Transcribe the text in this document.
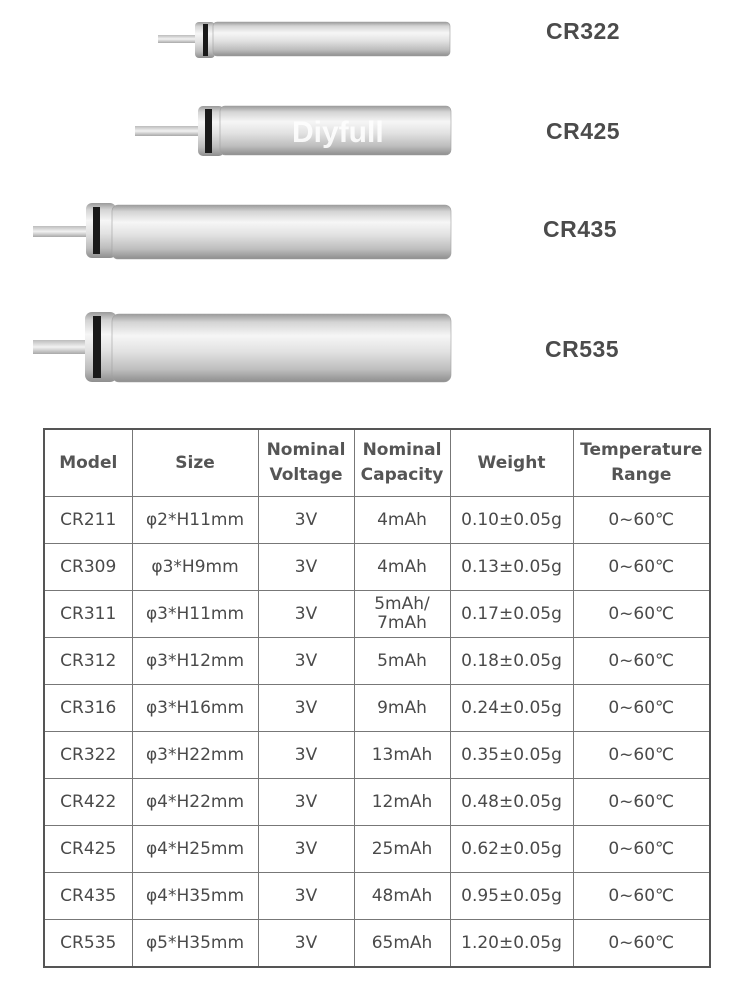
Diyfull
CR322
CR425
CR435
CR535
Model	Size	Nominal Voltage	Nominal Capacity	Weight	Temperature Range
CR211	φ2*H11mm	3V	4mAh	0.10±0.05g	0~60℃
CR309	φ3*H9mm	3V	4mAh	0.13±0.05g	0~60℃
CR311	φ3*H11mm	3V	5mAh/ 7mAh	0.17±0.05g	0~60℃
CR312	φ3*H12mm	3V	5mAh	0.18±0.05g	0~60℃
CR316	φ3*H16mm	3V	9mAh	0.24±0.05g	0~60℃
CR322	φ3*H22mm	3V	13mAh	0.35±0.05g	0~60℃
CR422	φ4*H22mm	3V	12mAh	0.48±0.05g	0~60℃
CR425	φ4*H25mm	3V	25mAh	0.62±0.05g	0~60℃
CR435	φ4*H35mm	3V	48mAh	0.95±0.05g	0~60℃
CR535	φ5*H35mm	3V	65mAh	1.20±0.05g	0~60℃
